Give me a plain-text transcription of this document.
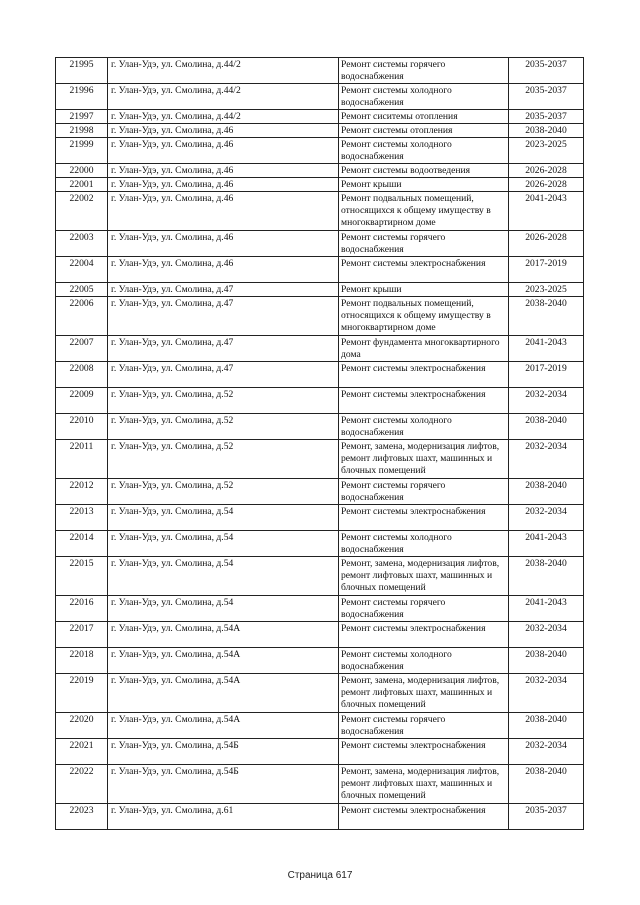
21995	г. Улан-Удэ, ул. Смолина, д.44/2	Ремонт системы горячего водоснабжения	2035-2037
21996	г. Улан-Удэ, ул. Смолина, д.44/2	Ремонт системы холодного водоснабжения	2035-2037
21997	г. Улан-Удэ, ул. Смолина, д.44/2	Ремонт сиситемы отопления	2035-2037
21998	г. Улан-Удэ, ул. Смолина, д.46	Ремонт системы отопления	2038-2040
21999	г. Улан-Удэ, ул. Смолина, д.46	Ремонт системы холодного водоснабжения	2023-2025
22000	г. Улан-Удэ, ул. Смолина, д.46	Ремонт системы водоотведения	2026-2028
22001	г. Улан-Удэ, ул. Смолина, д.46	Ремонт крыши	2026-2028
22002	г. Улан-Удэ, ул. Смолина, д.46	Ремонт подвальных помещений, относящихся к общему имуществу в многоквартирном доме	2041-2043
22003	г. Улан-Удэ, ул. Смолина, д.46	Ремонт системы горячего водоснабжения	2026-2028
22004	г. Улан-Удэ, ул. Смолина, д.46	Ремонт системы электроснабжения	2017-2019
22005	г. Улан-Удэ, ул. Смолина, д.47	Ремонт крыши	2023-2025
22006	г. Улан-Удэ, ул. Смолина, д.47	Ремонт подвальных помещений, относящихся к общему имуществу в многоквартирном доме	2038-2040
22007	г. Улан-Удэ, ул. Смолина, д.47	Ремонт фундамента многоквартирного дома	2041-2043
22008	г. Улан-Удэ, ул. Смолина, д.47	Ремонт системы электроснабжения	2017-2019
22009	г. Улан-Удэ, ул. Смолина, д.52	Ремонт системы электроснабжения	2032-2034
22010	г. Улан-Удэ, ул. Смолина, д.52	Ремонт системы холодного водоснабжения	2038-2040
22011	г. Улан-Удэ, ул. Смолина, д.52	Ремонт, замена, модернизация лифтов, ремонт лифтовых шахт, машинных и блочных помещений	2032-2034
22012	г. Улан-Удэ, ул. Смолина, д.52	Ремонт системы горячего водоснабжения	2038-2040
22013	г. Улан-Удэ, ул. Смолина, д.54	Ремонт системы электроснабжения	2032-2034
22014	г. Улан-Удэ, ул. Смолина, д.54	Ремонт системы холодного водоснабжения	2041-2043
22015	г. Улан-Удэ, ул. Смолина, д.54	Ремонт, замена, модернизация лифтов, ремонт лифтовых шахт, машинных и блочных помещений	2038-2040
22016	г. Улан-Удэ, ул. Смолина, д.54	Ремонт системы горячего водоснабжения	2041-2043
22017	г. Улан-Удэ, ул. Смолина, д.54А	Ремонт системы электроснабжения	2032-2034
22018	г. Улан-Удэ, ул. Смолина, д.54А	Ремонт системы холодного водоснабжения	2038-2040
22019	г. Улан-Удэ, ул. Смолина, д.54А	Ремонт, замена, модернизация лифтов, ремонт лифтовых шахт, машинных и блочных помещений	2032-2034
22020	г. Улан-Удэ, ул. Смолина, д.54А	Ремонт системы горячего водоснабжения	2038-2040
22021	г. Улан-Удэ, ул. Смолина, д.54Б	Ремонт системы электроснабжения	2032-2034
22022	г. Улан-Удэ, ул. Смолина, д.54Б	Ремонт, замена, модернизация лифтов, ремонт лифтовых шахт, машинных и блочных помещений	2038-2040
22023	г. Улан-Удэ, ул. Смолина, д.61	Ремонт системы электроснабжения	2035-2037
Страница 617
